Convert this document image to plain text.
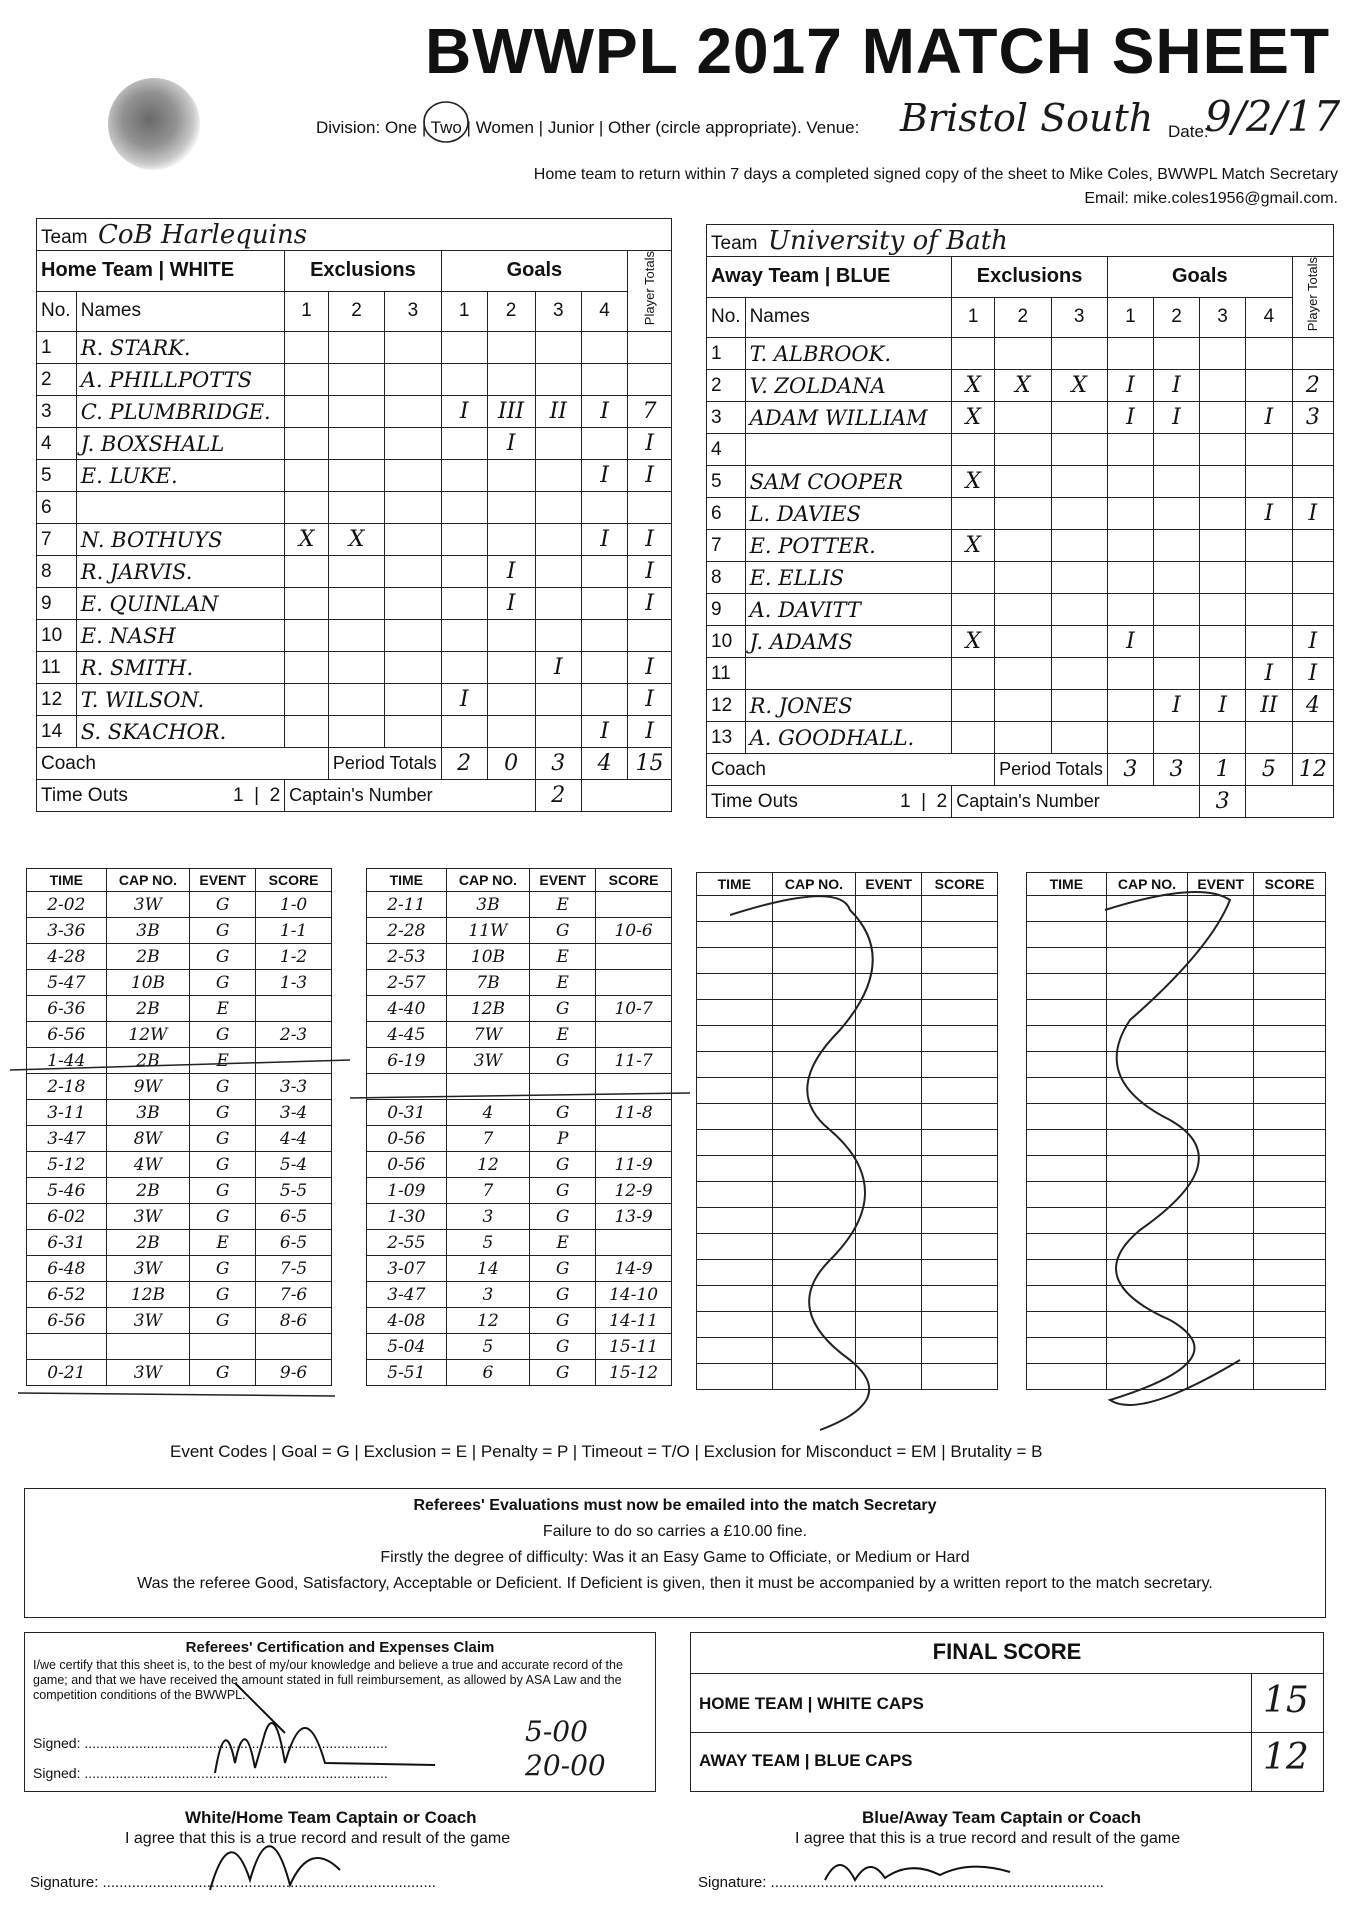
BWWPL 2017 MATCH SHEET
Division: One | Two | Women | Junior | Other (circle appropriate). Venue: Bristol South Date:
9/2/17
Home team to return within 7 days a completed signed copy of the sheet to Mike Coles, BWWPL Match Secretary
Email: mike.coles1956@gmail.com.
Team CoB Harlequins									
Home Team | WHITE		Exclusions			Goals				Player Totals
No.	Names	1	2	3	1	2	3	4	
1	R. STARK.								
2	A. PHILLPOTTS								
3	C. PLUMBRIDGE.				I	III	II	I	7
4	J. BOXSHALL					I			I
5	E. LUKE.							I	I
6									
7	N. BOTHUYS	X	X					I	I
8	R. JARVIS.					I			I
9	E. QUINLAN					I			I
10	E. NASH								
11	R. SMITH.						I		I
12	T. WILSON.				I				I
14	S. SKACHOR.							I	I
Coach			Period Totals		2	0	3	4	15
Time Outs 1  |  2		Captain's Number					2		
Team University of Bath									
Away Team | BLUE		Exclusions			Goals				Player Totals
No.	Names	1	2	3	1	2	3	4	
1	T. ALBROOK.								
2	V. ZOLDANA	X	X	X	I	I			2
3	ADAM WILLIAM	X			I	I		I	3
4									
5	SAM COOPER	X							
6	L. DAVIES							I	I
7	E. POTTER.	X							
8	E. ELLIS								
9	A. DAVITT								
10	J. ADAMS	X			I				I
11								I	I
12	R. JONES					I	I	II	4
13	A. GOODHALL.								
Coach			Period Totals		3	3	1	5	12
Time Outs 1  |  2		Captain's Number					3		
TIME	CAP NO.	EVENT	SCORE
2-02	3W	G	1-0
3-36	3B	G	1-1
4-28	2B	G	1-2
5-47	10B	G	1-3
6-36	2B	E	
6-56	12W	G	2-3
1-44	2B	E	
2-18	9W	G	3-3
3-11	3B	G	3-4
3-47	8W	G	4-4
5-12	4W	G	5-4
5-46	2B	G	5-5
6-02	3W	G	6-5
6-31	2B	E	6-5
6-48	3W	G	7-5
6-52	12B	G	7-6
6-56	3W	G	8-6

0-21	3W	G	9-6
TIME	CAP NO.	EVENT	SCORE
2-11	3B	E	
2-28	11W	G	10-6
2-53	10B	E	
2-57	7B	E	
4-40	12B	G	10-7
4-45	7W	E	
6-19	3W	G	11-7

0-31	4	G	11-8
0-56	7	P	
0-56	12	G	11-9
1-09	7	G	12-9
1-30	3	G	13-9
2-55	5	E	
3-07	14	G	14-9
3-47	3	G	14-10
4-08	12	G	14-11
5-04	5	G	15-11
5-51	6	G	15-12
TIME	CAP NO.	EVENT	SCORE

				TIME	CAP NO.	EVENT	SCORE

Event Codes | Goal = G | Exclusion = E | Penalty = P | Timeout = T/O | Exclusion for Misconduct = EM | Brutality = B
Referees' Evaluations must now be emailed into the match Secretary
Failure to do so carries a £10.00 fine.
Firstly the degree of difficulty: Was it an Easy Game to Officiate, or Medium or Hard
Was the referee Good, Satisfactory, Acceptable or Deficient. If Deficient is given, then it must be accompanied by a written report to the match secretary.
Referees' Certification and Expenses Claim
I/we certify that this sheet is, to the best of my/our knowledge and believe a true and accurate record of the game; and that we have received the amount stated in full reimbursement, as allowed by ASA Law and the competition conditions of the BWWPL.
Signed: ..............................................................................
Signed: ..............................................................................
5-00
20-00
FINAL SCORE
HOME TEAM | WHITE CAPS	15
AWAY TEAM | BLUE CAPS	12
White/Home Team Captain or Coach
I agree that this is a true record and result of the game
Signature: ................................................................................
Blue/Away Team Captain or Coach
I agree that this is a true record and result of the game
Signature: ................................................................................
